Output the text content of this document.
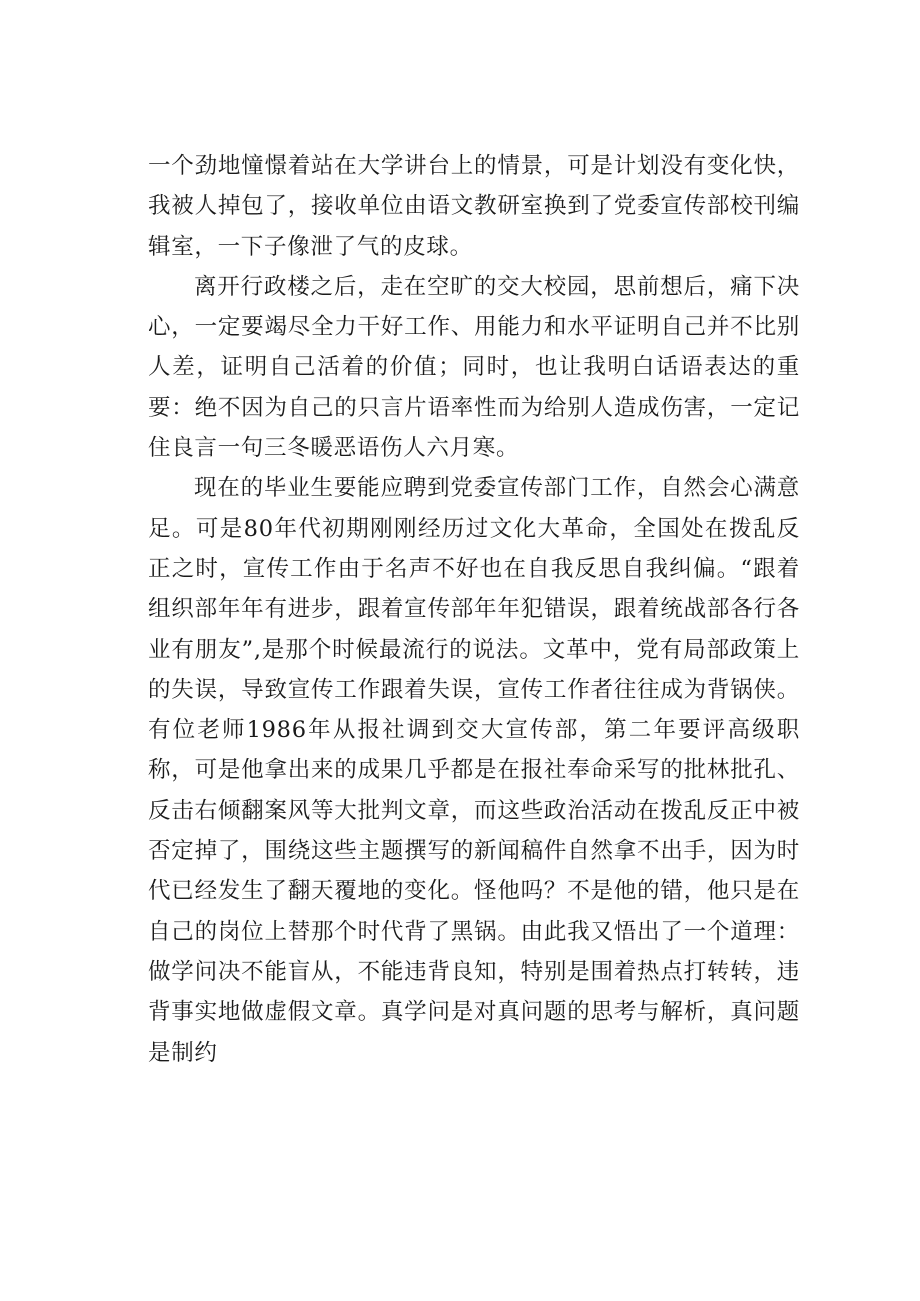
一个劲地憧憬着站在大学讲台上的情景，可是计划没有变化快，我被人掉包了，接收单位由语文教研室换到了党委宣传部校刊编辑室，一下子像泄了气的皮球。

离开行政楼之后，走在空旷的交大校园，思前想后，痛下决心，一定要竭尽全力干好工作、用能力和水平证明自己并不比别人差，证明自己活着的价值；同时，也让我明白话语表达的重要：绝不因为自己的只言片语率性而为给别人造成伤害，一定记住良言一句三冬暖恶语伤人六月寒。

现在的毕业生要能应聘到党委宣传部门工作，自然会心满意足。可是80年代初期刚刚经历过文化大革命，全国处在拨乱反正之时，宣传工作由于名声不好也在自我反思自我纠偏。“跟着组织部年年有进步，跟着宣传部年年犯错误，跟着统战部各行各业有朋友”,是那个时候最流行的说法。文革中，党有局部政策上的失误，导致宣传工作跟着失误，宣传工作者往往成为背锅侠。有位老师1986年从报社调到交大宣传部，第二年要评高级职称，可是他拿出来的成果几乎都是在报社奉命采写的批林批孔、反击右倾翻案风等大批判文章，而这些政治活动在拨乱反正中被否定掉了，围绕这些主题撰写的新闻稿件自然拿不出手，因为时代已经发生了翻天覆地的变化。怪他吗？不是他的错，他只是在自己的岗位上替那个时代背了黑锅。由此我又悟出了一个道理：做学问决不能盲从，不能违背良知，特别是围着热点打转转，违背事实地做虚假文章。真学问是对真问题的思考与解析，真问题是制约
